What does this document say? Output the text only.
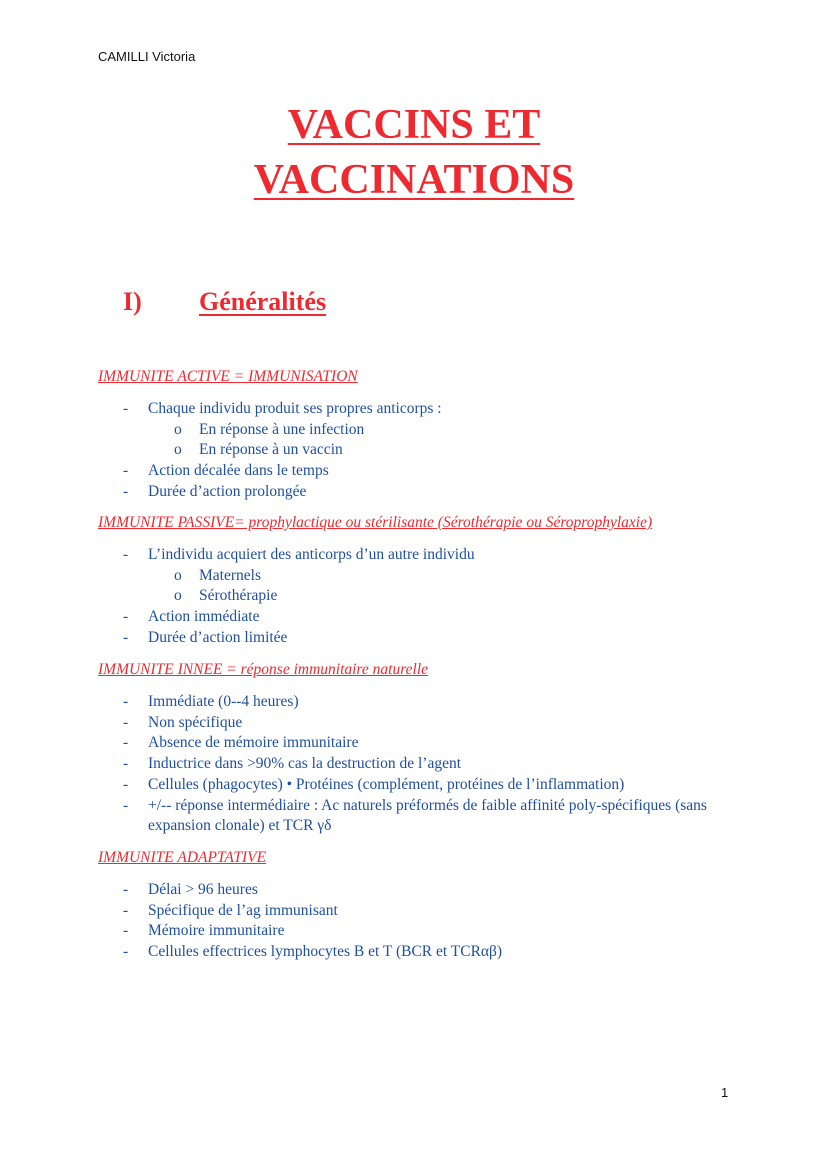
CAMILLI Victoria
VACCINS ET
VACCINATIONS
I) Généralités
IMMUNITE ACTIVE = IMMUNISATION
- Chaque individu produit ses propres anticorps :
o En réponse à une infection
o En réponse à un vaccin
- Action décalée dans le temps
- Durée d’action prolongée
IMMUNITE PASSIVE= prophylactique ou stérilisante (Sérothérapie ou Séroprophylaxie)
- L’individu acquiert des anticorps d’un autre individu
o Maternels
o Sérothérapie
- Action immédiate
- Durée d’action limitée
IMMUNITE INNEE = réponse immunitaire naturelle
- Immédiate (0--4 heures)
- Non spécifique
- Absence de mémoire immunitaire
- Inductrice dans >90% cas la destruction de l’agent
- Cellules (phagocytes) • Protéines (complément, protéines de l’inflammation)
- +/-- réponse intermédiaire : Ac naturels préformés de faible affinité poly-spécifiques (sans expansion clonale) et TCR γδ
IMMUNITE ADAPTATIVE
- Délai > 96 heures
- Spécifique de l’ag immunisant
- Mémoire immunitaire
- Cellules effectrices lymphocytes B et T (BCR et TCRαβ)
1
